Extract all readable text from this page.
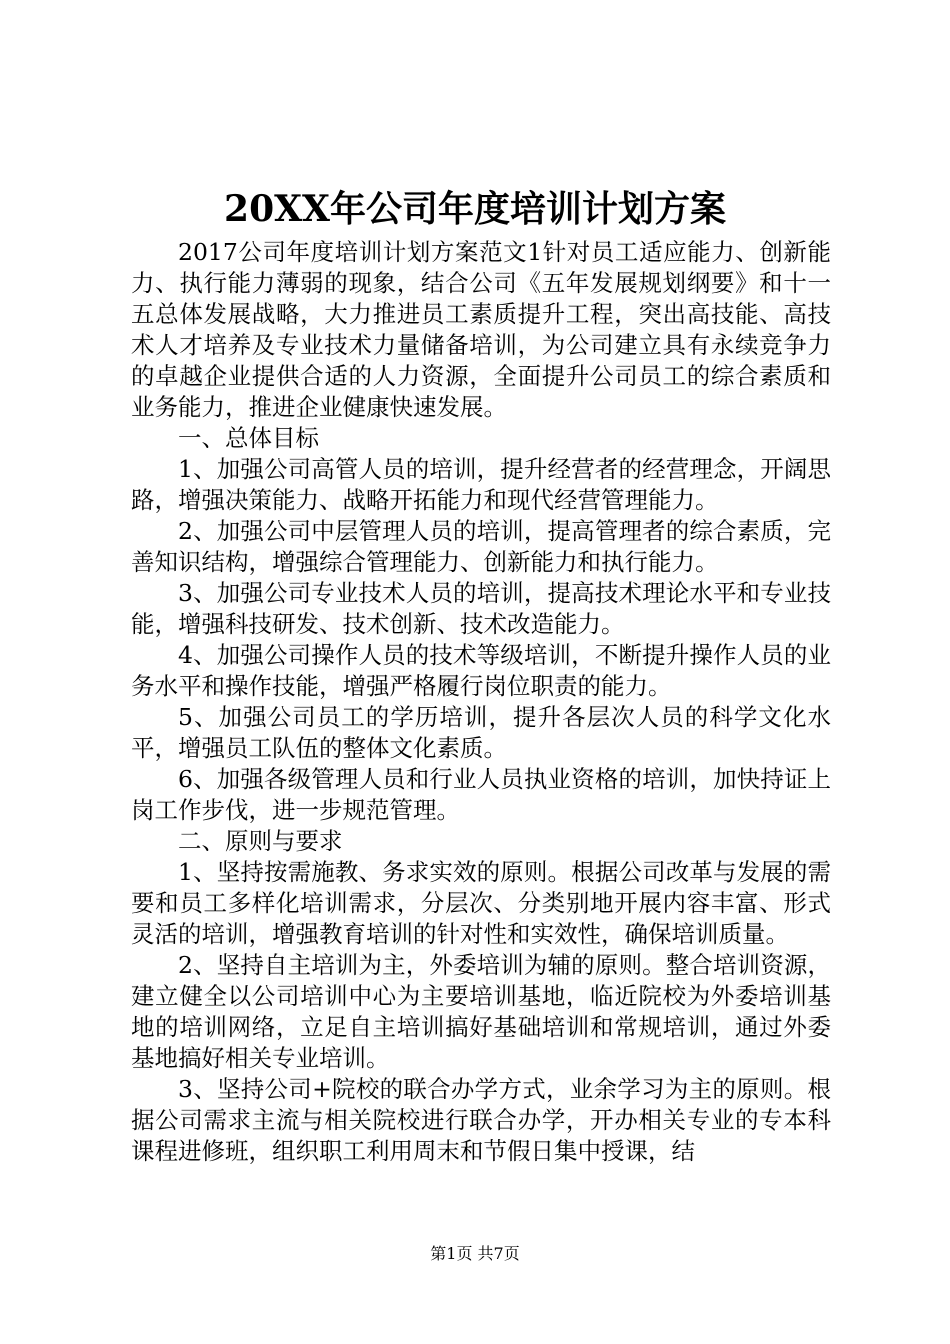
20XX年公司年度培训计划方案

2017公司年度培训计划方案范文1针对员工适应能力、创新能力、执行能力薄弱的现象，结合公司《五年发展规划纲要》和十一五总体发展战略，大力推进员工素质提升工程，突出高技能、高技术人才培养及专业技术力量储备培训，为公司建立具有永续竞争力的卓越企业提供合适的人力资源，全面提升公司员工的综合素质和业务能力，推进企业健康快速发展。

一、总体目标

1、加强公司高管人员的培训，提升经营者的经营理念，开阔思路，增强决策能力、战略开拓能力和现代经营管理能力。

2、加强公司中层管理人员的培训，提高管理者的综合素质，完善知识结构，增强综合管理能力、创新能力和执行能力。

3、加强公司专业技术人员的培训，提高技术理论水平和专业技能，增强科技研发、技术创新、技术改造能力。

4、加强公司操作人员的技术等级培训，不断提升操作人员的业务水平和操作技能，增强严格履行岗位职责的能力。

5、加强公司员工的学历培训，提升各层次人员的科学文化水平，增强员工队伍的整体文化素质。

6、加强各级管理人员和行业人员执业资格的培训，加快持证上岗工作步伐，进一步规范管理。

二、原则与要求

1、坚持按需施教、务求实效的原则。根据公司改革与发展的需要和员工多样化培训需求，分层次、分类别地开展内容丰富、形式灵活的培训，增强教育培训的针对性和实效性，确保培训质量。

2、坚持自主培训为主，外委培训为辅的原则。整合培训资源，建立健全以公司培训中心为主要培训基地，临近院校为外委培训基地的培训网络，立足自主培训搞好基础培训和常规培训，通过外委基地搞好相关专业培训。

3、坚持公司+院校的联合办学方式，业余学习为主的原则。根据公司需求主流与相关院校进行联合办学，开办相关专业的专本科课程进修班，组织职工利用周末和节假日集中授课，结

第1页 共7页
